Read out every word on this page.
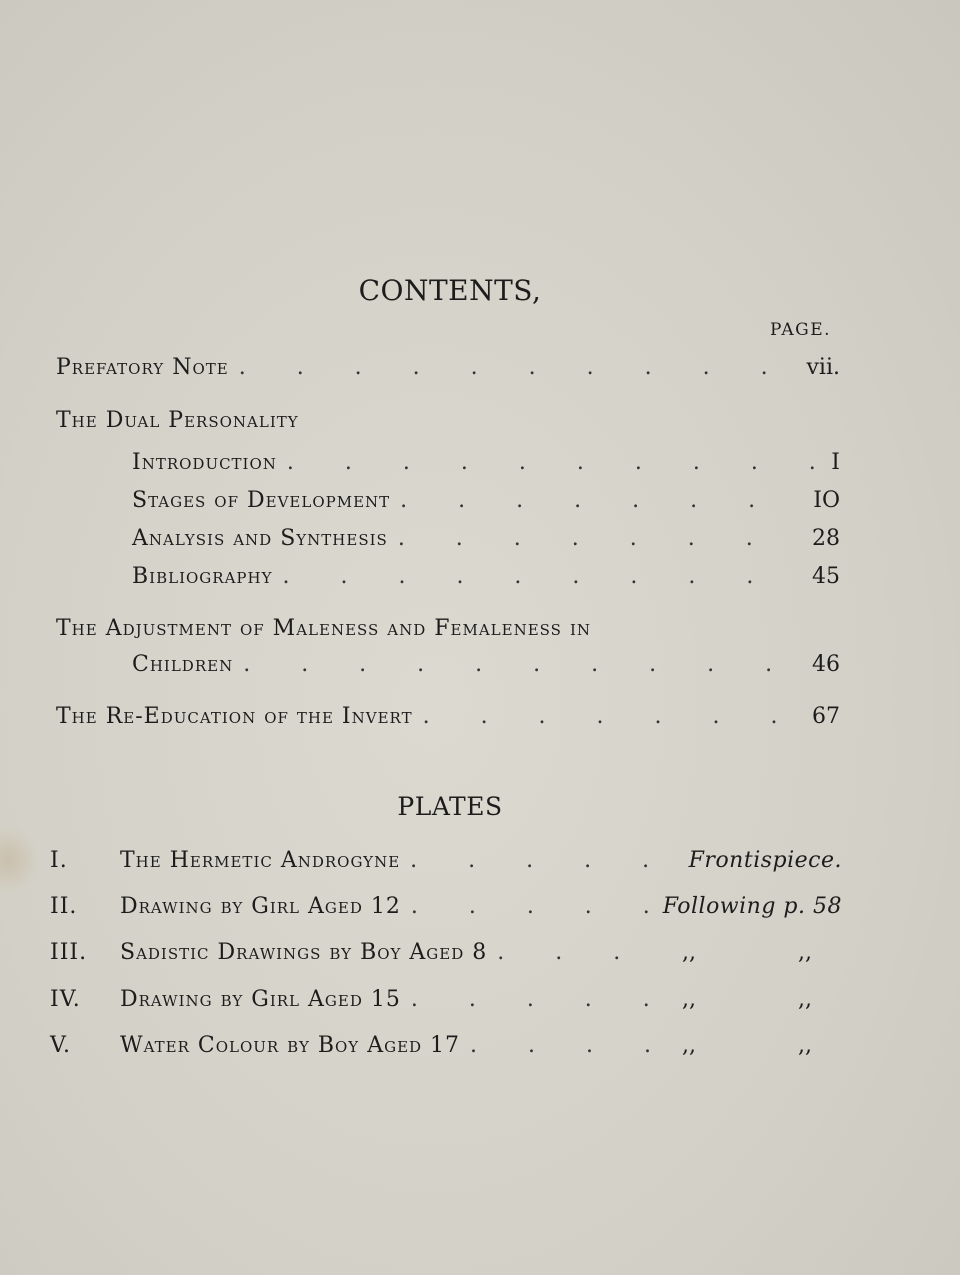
CONTENTS,
PAGE.
Prefatory Note . . .	vii.
The Dual Personality
Introduction . . .	I
Stages of Development . . .	IO
Analysis and Synthesis . . .	28
Bibliography . . .	45
The Adjustment of Maleness and Femaleness in
Children . . .	46
The Re-Education of the Invert . . .	67
PLATES
I.	The Hermetic Androgyne . . .	Frontispiece.
II.	Drawing by Girl Aged 12 . . .	Following p. 58
III.	Sadistic Drawings by Boy Aged 8 . . .	,,	,,
IV.	Drawing by Girl Aged 15 . . .	,,	,,
V.	Water Colour by Boy Aged 17 . . .	,,	,,
